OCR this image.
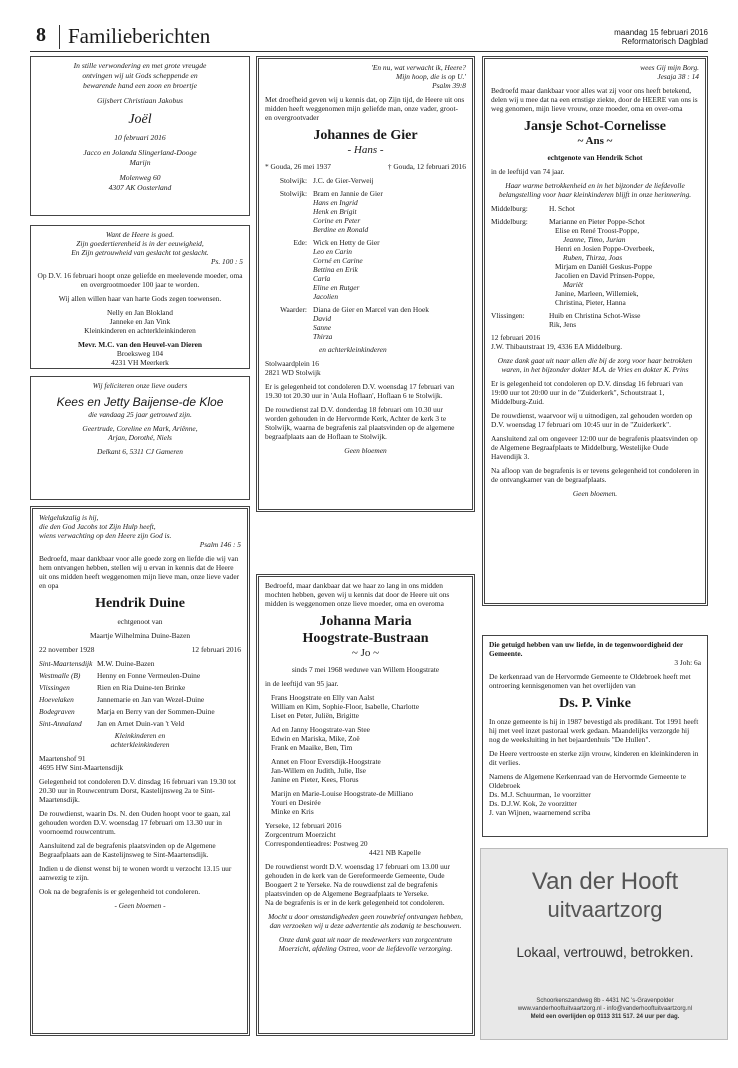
8 Familieberichten	maandag 15 februari 2016
Reformatorisch Dagblad
In stille verwondering en met grote vreugde
ontvingen wij uit Gods scheppende en
bewarende hand een zoon en broertje
Gijsbert Christiaan Jakobus
Joël
10 februari 2016
Jacco en Jolanda Slingerland-Dooge
Marijn
Molenweg 60
4307 AK Oosterland
Want de Heere is goed.
Zijn goedertierenheid is in der eeuwigheid,
En Zijn getrouwheid van geslacht tot geslacht.
Ps. 100 : 5
Op D.V. 16 februari hoopt onze geliefde en meelevende moeder, oma en overgrootmoeder 100 jaar te worden.
Wij allen willen haar van harte Gods zegen toewensen.
Nelly en Jan Blokland
Janneke en Jan Vink
Kleinkinderen en achterkleinkinderen
Mevr. M.C. van den Heuvel-van Dieren
Broeksweg 104
4231 VH Meerkerk
Wij feliciteren onze lieve ouders
Kees en Jetty Baijense-de Kloe
die vandaag 25 jaar getrouwd zijn.
Geertrude, Coreline en Mark, Ariënne,
Arjan, Dorothé, Niels
Delkant 6, 5311 CJ Gameren
Welgelukzalig is hij,
die den God Jacobs tot Zijn Hulp heeft,
wiens verwachting op den Heere zijn God is.
Psalm 146 : 5
Bedroefd, maar dankbaar voor alle goede zorg en liefde die wij van hem ontvangen hebben, stellen wij u ervan in kennis dat de Heere uit ons midden heeft weggenomen mijn lieve man, onze lieve vader en opa
Hendrik Duine
echtgenoot van
Maartje Wilhelmina Duine-Bazen
22 november 1928	12 februari 2016
Sint-Maartensdijk M.W. Duine-Bazen
Westmalle (B)	Henny en Fonne Vermeulen-Duine
Vlissingen	Rien en Ria Duine-ten Brinke
Hoevelaken	Jannemarie en Jan van Wezel-Duine
Bodegraven	Marja en Berry van der Sommen-Duine
Sint-Annaland	Jan en Arnet Duin-van 't Veld
Kleinkinderen en
achterkleinkinderen
Maartenshof 91
4695 HW Sint-Maartensdijk
Gelegenheid tot condoleren D.V. dinsdag 16 februari van 19.30 tot 20.30 uur in Rouwcentrum Dorst, Kastelijnsweg 2a te Sint-Maartensdijk.
De rouwdienst, waarin Ds. N. den Ouden hoopt voor te gaan, zal gehouden worden D.V. woensdag 17 februari om 13.30 uur in voornoemd rouwcentrum.
Aansluitend zal de begrafenis plaatsvinden op de Algemene Begraafplaats aan de Kastelijnsweg te Sint-Maartensdijk.
Indien u de dienst wenst bij te wonen wordt u verzocht 13.15 uur aanwezig te zijn.
Ook na de begrafenis is er gelegenheid tot condoleren.
- Geen bloemen -
'En nu, wat verwacht ik, Heere?
Mijn hoop, die is op U.'
Psalm 39:8
Met droefheid geven wij u kennis dat, op Zijn tijd, de Heere uit ons midden heeft weggenomen mijn geliefde man, onze vader, groot- en overgrootvader
Johannes de Gier
- Hans -
* Gouda, 26 mei 1937	† Gouda, 12 februari 2016
Stolwijk: J.C. de Gier-Verweij
Stolwijk: Bram en Jannie de Gier
Hans en Ingrid
Henk en Brigit
Corine en Peter
Berdine en Ronald
Ede: Wick en Hetty de Gier
Leo en Carin
Corné en Carine
Bettina en Erik
Carla
Eline en Rutger
Jacolien
Waarder: Diana de Gier en Marcel van den Hoek
David
Sanne
Thirza
en achterkleinkinderen
Stolwaardplein 16
2821 WD Stolwijk
Er is gelegenheid tot condoleren D.V. woensdag 17 februari van 19.30 tot 20.30 uur in 'Aula Hoflaan', Hoflaan 6 te Stolwijk.
De rouwdienst zal D.V. donderdag 18 februari om 10.30 uur worden gehouden in de Hervormde Kerk, Achter de kerk 3 te Stolwijk, waarna de begrafenis zal plaatsvinden op de algemene begraafplaats aan de Hoflaan te Stolwijk.
Geen bloemen
Bedroefd, maar dankbaar dat we haar zo lang in ons midden mochten hebben, geven wij u kennis dat door de Heere uit ons midden is weggenomen onze lieve moeder, oma en overoma
Johanna Maria
Hoogstrate-Bustraan
~ Jo ~
sinds 7 mei 1968 weduwe van Willem Hoogstrate
in de leeftijd van 95 jaar.
Frans Hoogstrate en Elly van Aalst
William en Kim, Sophie-Floor, Isabelle, Charlotte
Liset en Peter, Juliën, Brigitte
Ad en Janny Hoogstrate-van Stee
Edwin en Mariska, Mike, Zoë
Frank en Maaike, Ben, Tim
Annet en Floor Eversdijk-Hoogstrate
Jan-Willem en Judith, Julie, Ilse
Janine en Pieter, Kees, Florus
Marijn en Marie-Louise Hoogstrate-de Milliano
Youri en Desirée
Minke en Kris
Yerseke, 12 februari 2016
Zorgcentrum Moerzicht
Correspondentieadres: Postweg 20
4421 NB Kapelle
De rouwdienst wordt D.V. woensdag 17 februari om 13.00 uur gehouden in de kerk van de Gereformeerde Gemeente, Oude Boogaert 2 te Yerseke. Na de rouwdienst zal de begrafenis plaatsvinden op de Algemene Begraafplaats te Yerseke.
Na de begrafenis is er in de kerk gelegenheid tot condoleren.
Mocht u door omstandigheden geen rouwbrief ontvangen hebben, dan verzoeken wij u deze advertentie als zodanig te beschouwen.
Onze dank gaat uit naar de medewerkers van zorgcentrum Moerzicht, afdeling Ostrea, voor de liefdevolle verzorging.
wees Gij mijn Borg.
Jesaja 38 : 14
Bedroefd maar dankbaar voor alles wat zij voor ons heeft betekend, delen wij u mee dat na een ernstige ziekte, door de HEERE van ons is weg genomen, mijn lieve vrouw, onze moeder, oma en over-oma
Jansje Schot-Cornelisse
~ Ans ~
echtgenote van Hendrik Schot
in de leeftijd van 74 jaar.
Haar warme betrokkenheid en in het bijzonder de liefdevolle belangstelling voor haar kleinkinderen blijft in onze herinnering.
Middelburg:	H. Schot
Middelburg:	Marianne en Pieter Poppe-Schot
Elise en René Troost-Poppe,
Jeanne, Timo, Jurian
Henri en Josien Poppe-Overbeek,
Ruben, Thirza, Joas
Mirjam en Daniël Geskus-Poppe
Jacolien en David Prinsen-Poppe,
Mariët
Janine, Marleen, Willemiek,
Christina, Pieter, Hanna
Vlissingen:	Huib en Christina Schot-Wisse
Rik, Jens
12 februari 2016
J.W. Thibautstraat 19, 4336 EA Middelburg.
Onze dank gaat uit naar allen die bij de zorg voor haar betrokken waren, in het bijzonder dokter M.A. de Vries en dokter K. Prins
Er is gelegenheid tot condoleren op D.V. dinsdag 16 februari van 19:00 uur tot 20:00 uur in de "Zuiderkerk", Schoutstraat 1, Middelburg-Zuid.
De rouwdienst, waarvoor wij u uitnodigen, zal gehouden worden op D.V. woensdag 17 februari om 10:45 uur in de "Zuiderkerk".
Aansluitend zal om ongeveer 12:00 uur de begrafenis plaatsvinden op de Algemene Begraafplaats te Middelburg, Westelijke Oude Havendijk 3.
Na afloop van de begrafenis is er tevens gelegenheid tot condoleren in de ontvangkamer van de begraafplaats.
Geen bloemen.
Die getuigd hebben van uw liefde, in de tegenwoordigheid der Gemeente.
3 Joh: 6a
De kerkenraad van de Hervormde Gemeente te Oldebroek heeft met ontroering kennisgenomen van het overlijden van
Ds. P. Vinke
In onze gemeente is hij in 1987 bevestigd als predikant. Tot 1991 heeft hij met veel inzet pastoraal werk gedaan. Maandelijks verzorgde hij nog de weeksluiting in het bejaardenhuis "De Hullen".
De Heere vertrooste en sterke zijn vrouw, kinderen en kleinkinderen in dit verlies.
Namens de Algemene Kerkenraad van de Hervormde Gemeente te Oldebroek
Ds. M.J. Schuurman, 1e voorzitter
Ds. D.J.W. Kok, 2e voorzitter
J. van Wijnen, waarnemend scriba
Van der Hooft
uitvaartzorg
Lokaal, vertrouwd, betrokken.
Schoorkenszandweg 8b - 4431 NC 's-Gravenpolder
www.vanderhooftuitvaartzorg.nl - info@vanderhooftuitvaartzorg.nl
Meld een overlijden op 0113 311 517. 24 uur per dag.
